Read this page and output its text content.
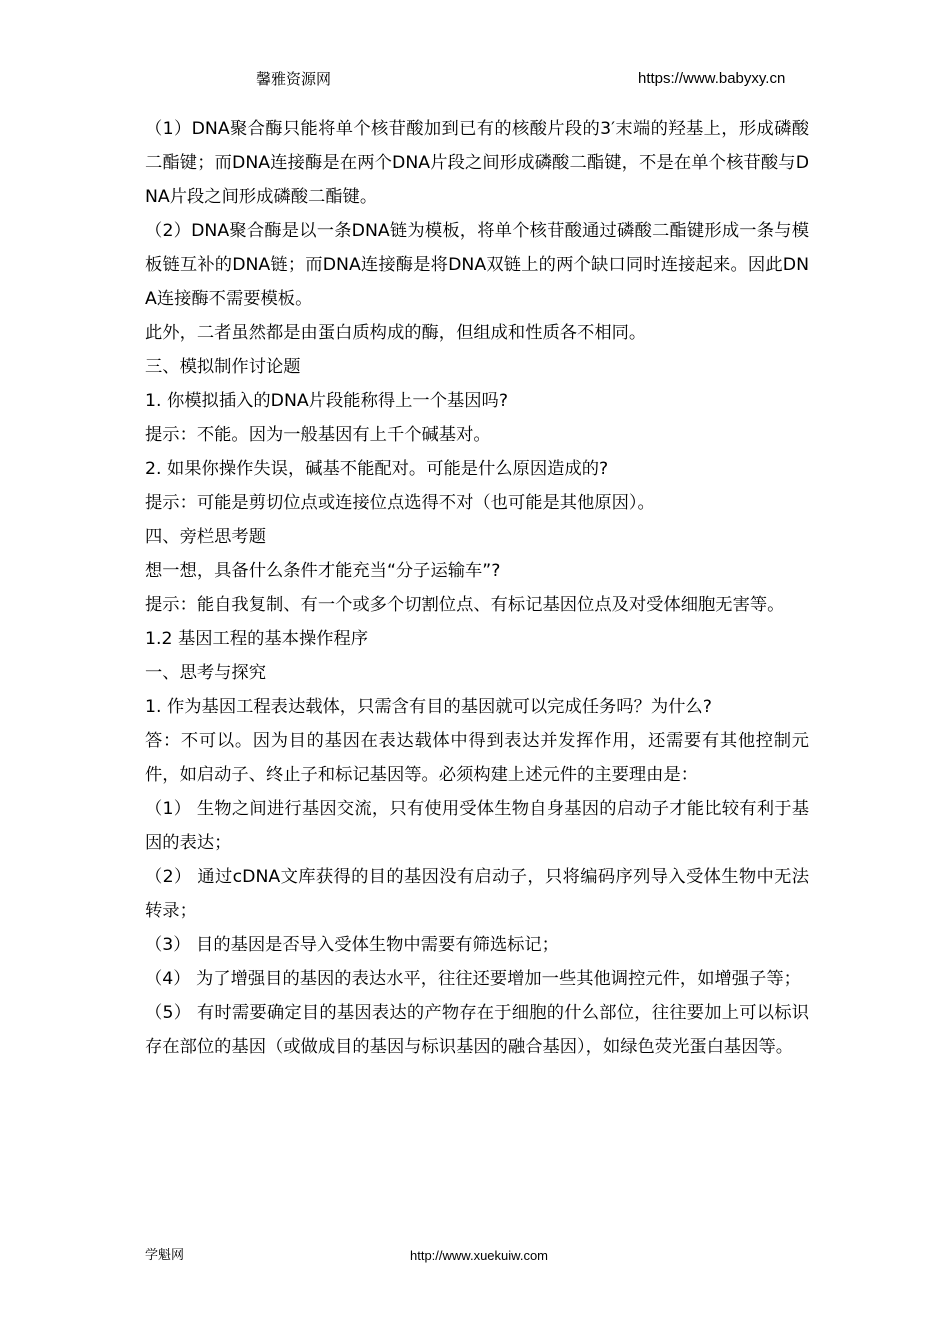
馨雅资源网	https://www.babyxy.cn

（1）DNA聚合酶只能将单个核苷酸加到已有的核酸片段的3′末端的羟基上，形成磷酸二酯键；而DNA连接酶是在两个DNA片段之间形成磷酸二酯键，不是在单个核苷酸与DNA片段之间形成磷酸二酯键。

（2）DNA聚合酶是以一条DNA链为模板，将单个核苷酸通过磷酸二酯键形成一条与模板链互补的DNA链；而DNA连接酶是将DNA双链上的两个缺口同时连接起来。因此DNA连接酶不需要模板。

此外，二者虽然都是由蛋白质构成的酶，但组成和性质各不相同。

三、模拟制作讨论题

1. 你模拟插入的DNA片段能称得上一个基因吗?

提示：不能。因为一般基因有上千个碱基对。

2. 如果你操作失误，碱基不能配对。可能是什么原因造成的?

提示：可能是剪切位点或连接位点选得不对（也可能是其他原因）。

四、旁栏思考题

想一想，具备什么条件才能充当“分子运输车”?

提示：能自我复制、有一个或多个切割位点、有标记基因位点及对受体细胞无害等。

1.2 基因工程的基本操作程序

一、思考与探究

1. 作为基因工程表达载体，只需含有目的基因就可以完成任务吗？为什么?

答：不可以。因为目的基因在表达载体中得到表达并发挥作用，还需要有其他控制元件，如启动子、终止子和标记基因等。必须构建上述元件的主要理由是：

（1） 生物之间进行基因交流，只有使用受体生物自身基因的启动子才能比较有利于基因的表达；

（2） 通过cDNA文库获得的目的基因没有启动子，只将编码序列导入受体生物中无法转录；

（3） 目的基因是否导入受体生物中需要有筛选标记；

（4） 为了增强目的基因的表达水平，往往还要增加一些其他调控元件，如增强子等；

（5） 有时需要确定目的基因表达的产物存在于细胞的什么部位，往往要加上可以标识存在部位的基因（或做成目的基因与标识基因的融合基因），如绿色荧光蛋白基因等。

学魁网	http://www.xuekuiw.com
